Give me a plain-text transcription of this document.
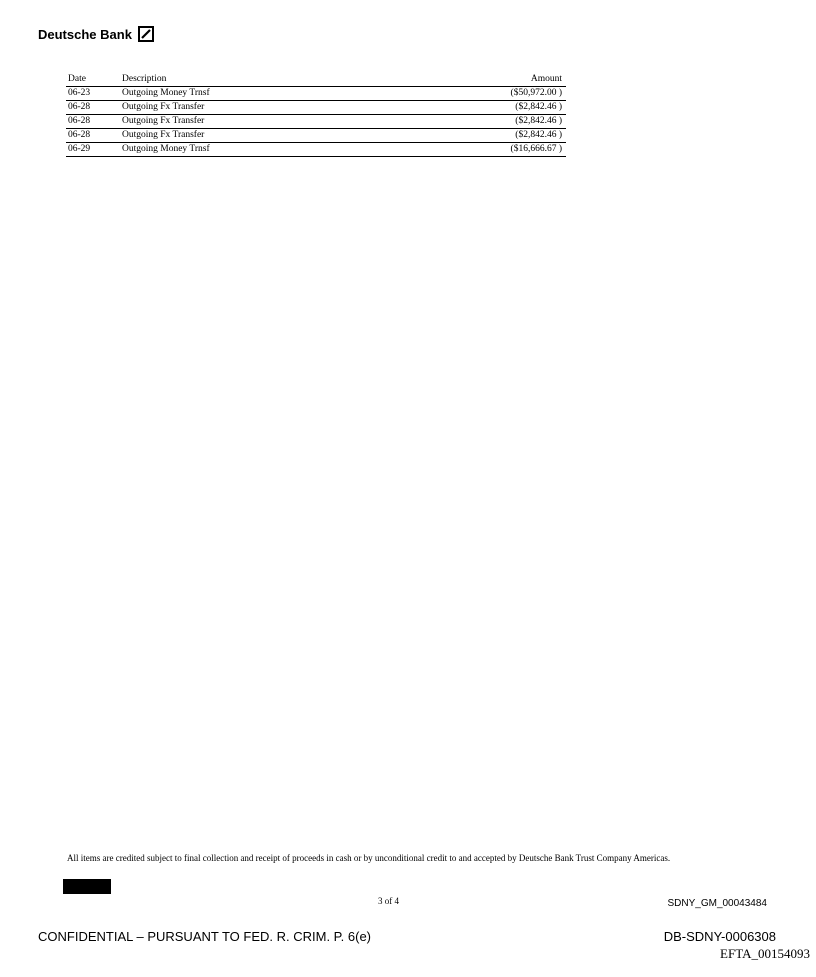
Deutsche Bank
Date	Description	Amount
06-23	Outgoing Money Trnsf	($50,972.00 )
06-28	Outgoing Fx Transfer	($2,842.46 )
06-28	Outgoing Fx Transfer	($2,842.46 )
06-28	Outgoing Fx Transfer	($2,842.46 )
06-29	Outgoing Money Trnsf	($16,666.67 )
All items are credited subject to final collection and receipt of proceeds in cash or by unconditional credit to and accepted by Deutsche Bank Trust Company Americas.
3 of 4	SDNY_GM_00043484
CONFIDENTIAL – PURSUANT TO FED. R. CRIM. P. 6(e)	DB-SDNY-0006308
EFTA_00154093
